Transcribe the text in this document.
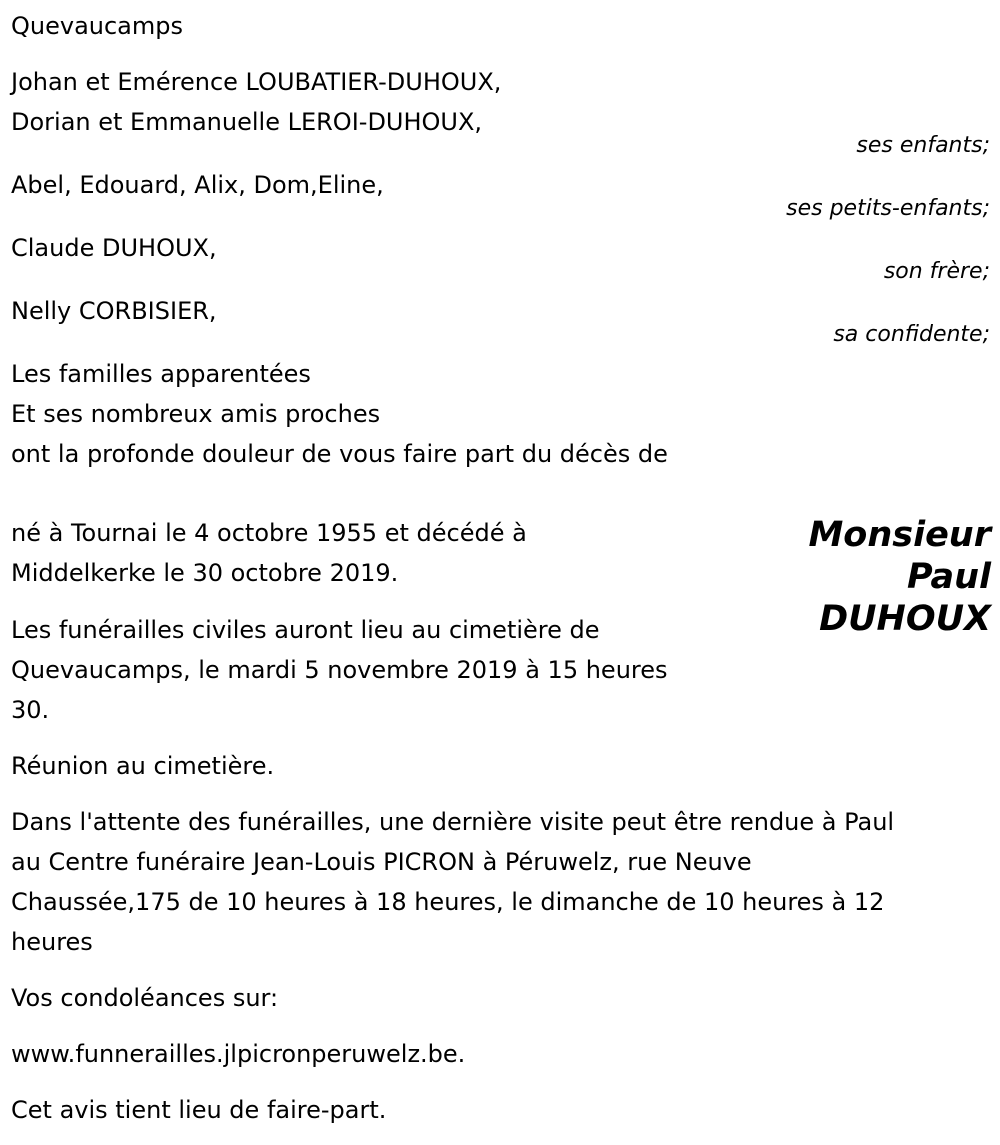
Quevaucamps

Johan et Emérence LOUBATIER-DUHOUX,

Dorian et Emmanuelle LEROI-DUHOUX,

ses enfants;

Abel, Edouard, Alix, Dom,Eline,

ses petits-enfants;

Claude DUHOUX,

son frère;

Nelly CORBISIER,

sa confidente;

Les familles apparentées

Et ses nombreux amis proches

ont la profonde douleur de vous faire part du décès de

Monsieur
Paul
DUHOUX

né à Tournai le 4 octobre 1955 et décédé à

Middelkerke le 30 octobre 2019.

Les funérailles civiles auront lieu au cimetière de

Quevaucamps, le mardi 5 novembre 2019 à 15 heures

30.

Réunion au cimetière.

Dans l'attente des funérailles, une dernière visite peut être rendue à Paul

au Centre funéraire Jean-Louis PICRON à Péruwelz, rue Neuve

Chaussée,175 de 10 heures à 18 heures, le dimanche de 10 heures à 12

heures

Vos condoléances sur:

www.funnerailles.jlpicronperuwelz.be.

Cet avis tient lieu de faire-part.
